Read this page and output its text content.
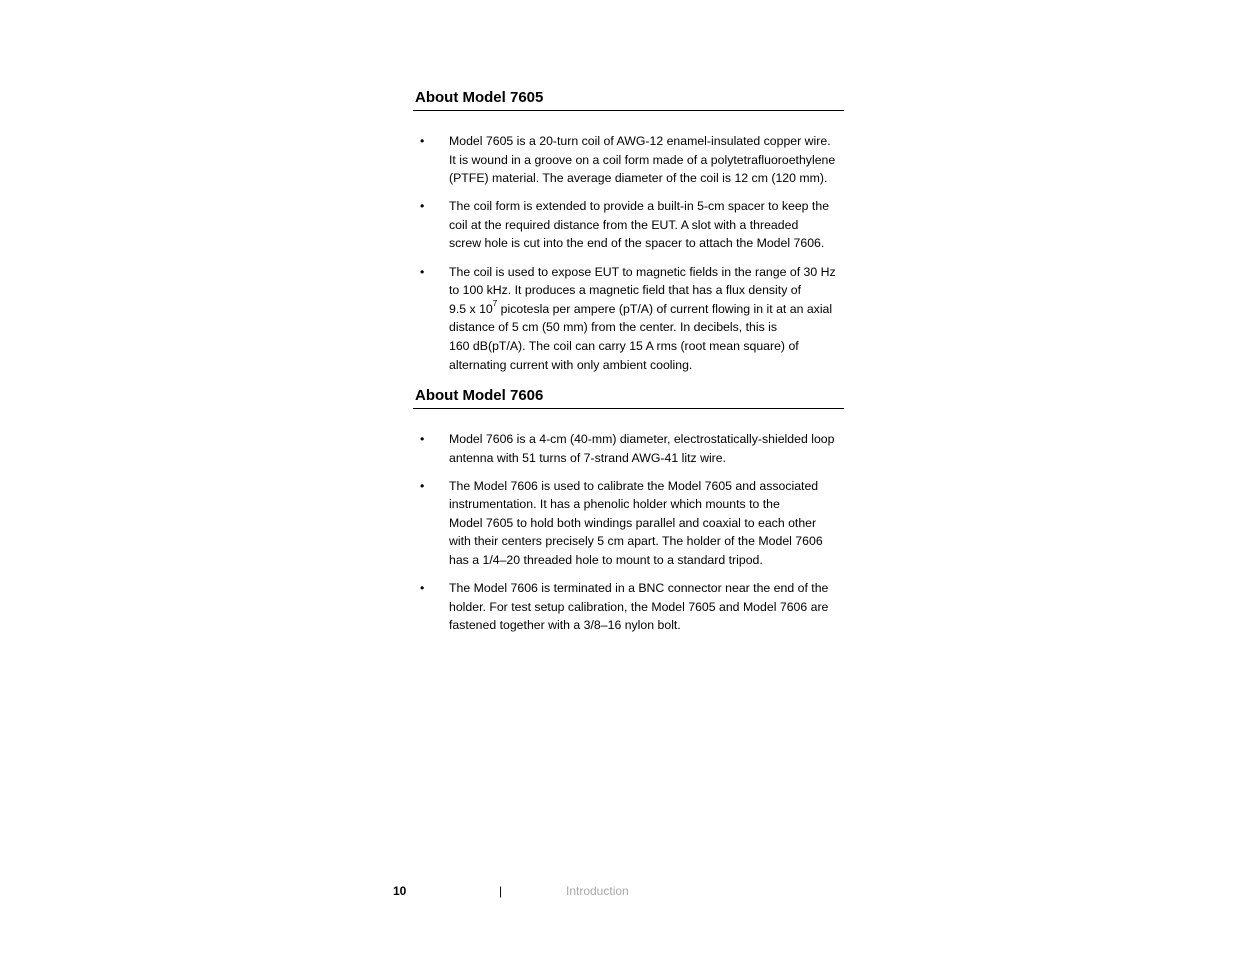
About Model 7605
• Model 7605 is a 20-turn coil of AWG-12 enamel-insulated copper wire.
It is wound in a groove on a coil form made of a polytetrafluoroethylene
(PTFE) material. The average diameter of the coil is 12 cm (120 mm).
• The coil form is extended to provide a built-in 5-cm spacer to keep the
coil at the required distance from the EUT. A slot with a threaded
screw hole is cut into the end of the spacer to attach the Model 7606.
• The coil is used to expose EUT to magnetic fields in the range of 30 Hz
to 100 kHz. It produces a magnetic field that has a flux density of
9.5 x $10^7$ picotesla per ampere (pT/A) of current flowing in it at an axial
distance of 5 cm (50 mm) from the center. In decibels, this is
160 dB(pT/A). The coil can carry 15 A rms (root mean square) of
alternating current with only ambient cooling.
About Model 7606
• Model 7606 is a 4-cm (40-mm) diameter, electrostatically-shielded loop
antenna with 51 turns of 7-strand AWG-41 litz wire.
• The Model 7606 is used to calibrate the Model 7605 and associated
instrumentation. It has a phenolic holder which mounts to the
Model 7605 to hold both windings parallel and coaxial to each other
with their centers precisely 5 cm apart. The holder of the Model 7606
has a 1/4–20 threaded hole to mount to a standard tripod.
• The Model 7606 is terminated in a BNC connector near the end of the
holder. For test setup calibration, the Model 7605 and Model 7606 are
fastened together with a 3/8–16 nylon bolt.
10	|	Introduction
